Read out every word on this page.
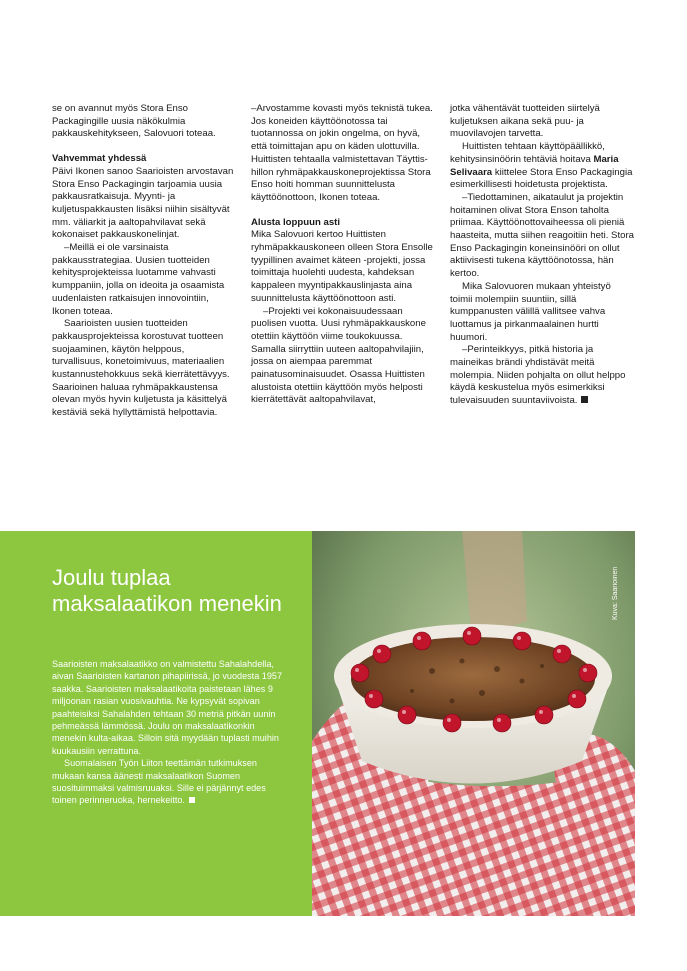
se on avannut myös Stora Enso Packagingille uusia näkökulmia pakkauskehitykseen, Salovuori toteaa.

Vahvemmat yhdessä

Päivi Ikonen sanoo Saarioisten arvostavan Stora Enso Packagingin tarjoamia uusia pakkausratkaisuja. Myynti- ja kuljetuspakkausten lisäksi niihin sisältyvät mm. väliarkit ja aaltopahvilavat sekä kokonaiset pakkauskonelinjat.

–Meillä ei ole varsinaista pakkausstrategiaa. Uusien tuotteiden kehitysprojekteissa luotamme vahvasti kumppaniin, jolla on ideoita ja osaamista uudenlaisten ratkaisujen innovointiin, Ikonen toteaa.

Saarioisten uusien tuotteiden pakkausprojekteissa korostuvat tuotteen suojaaminen, käytön helppous, turvallisuus, konetoimivuus, materiaalien kustannustehokkuus sekä kierrätettävyys. Saarioinen haluaa ryhmäpakkaustensa olevan myös hyvin kuljetusta ja käsittelyä kestäviä sekä hyllyttämistä helpottavia.

–Arvostamme kovasti myös teknistä tukea. Jos koneiden käyttöönotossa tai tuotannossa on jokin ongelma, on hyvä, että toimittajan apu on käden ulottuvilla. Huittisten tehtaalla valmistettavan Täyttis-hillon ryhmäpakkauskoneprojektissa Stora Enso hoiti homman suunnittelusta käyttöönottoon, Ikonen toteaa.

Alusta loppuun asti

Mika Salovuori kertoo Huittisten ryhmäpakkauskoneen olleen Stora Ensolle tyypillinen avaimet käteen -projekti, jossa toimittaja huolehti uudesta, kahdeksan kappaleen myyntipakkauslinjasta aina suunnittelusta käyttöönottoon asti.

–Projekti vei kokonaisuudessaan puolisen vuotta. Uusi ryhmäpakkauskone otettiin käyttöön viime toukokuussa. Samalla siirryttiin uuteen aaltopahvilajiin, jossa on aiempaa paremmat painatusominaisuudet. Osassa Huittisten alustoista otettiin käyttöön myös helposti kierrätettävät aaltopahvilavat,

jotka vähentävät tuotteiden siirtelyä kuljetuksen aikana sekä puu- ja muovilavojen tarvetta.

Huittisten tehtaan käyttöpäällikkö, kehitysinsinöörin tehtäviä hoitava Maria Selivaara kiittelee Stora Enso Packagingia esimerkillisesti hoidetusta projektista.

–Tiedottaminen, aikataulut ja projektin hoitaminen olivat Stora Enson taholta priimaa. Käyttöönottovaiheessa oli pieniä haasteita, mutta siihen reagoitiin heti. Stora Enso Packagingin koneinsinööri on ollut aktiivisesti tukena käyttöönotossa, hän kertoo.

Mika Salovuoren mukaan yhteistyö toimii molempiin suuntiin, sillä kumppanusten välillä vallitsee vahva luottamus ja pirkanmaalainen hurtti huumori.

–Perinteikkyys, pitkä historia ja maineikas brändi yhdistävät meitä molempia. Niiden pohjalta on ollut helppo käydä keskustelua myös esimerkiksi tulevaisuuden suuntaviivoista.

Joulu tuplaa maksalaatikon menekin

Saarioisten maksalaatikko on valmistettu Sahalahdella, aivan Saarioisten kartanon pihapiirissä, jo vuodesta 1957 saakka. Saarioisten maksalaatikoita paistetaan lähes 9 miljoonan rasian vuosivauhtia. Ne kypsyvät sopivan paahteisiksi Sahalahden tehtaan 30 metriä pitkän uunin pehmeässä lämmössä. Joulu on maksalaatikonkin menekin kulta-aikaa. Silloin sitä myydään tuplasti muihin kuukausiin verrattuna.

Suomalaisen Työn Liiton teettämän tutkimuksen mukaan kansa äänesti maksalaatikon Suomen suosituimmaksi valmisruuaksi. Sille ei pärjännyt edes toinen perinneruoka, hernekeitto.

Kuva: Saarioinen
